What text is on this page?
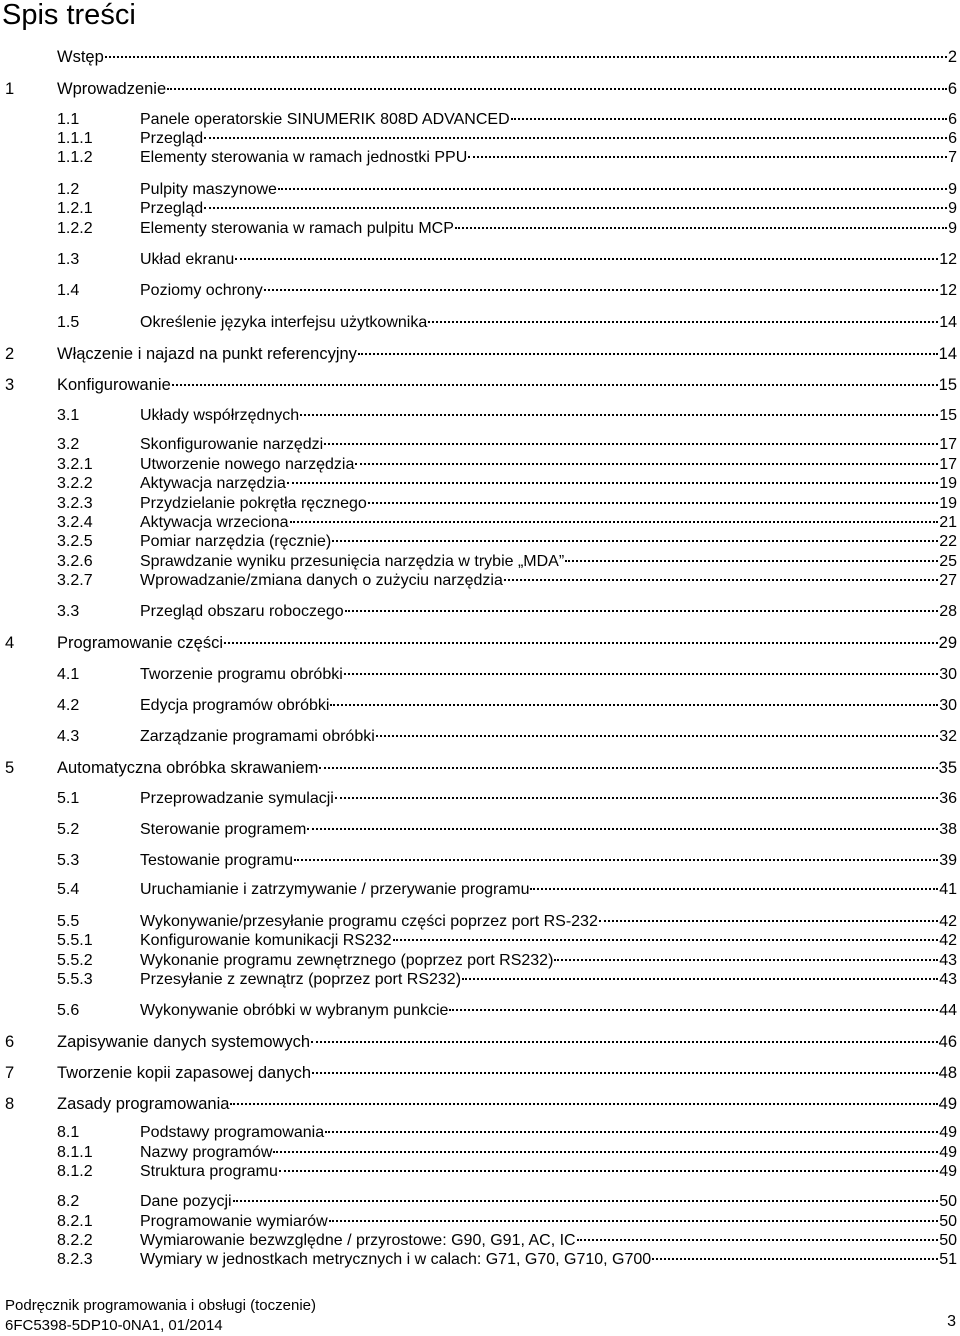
Spis treści
Wstęp	2
1	Wprowadzenie	6
1.1	Panele operatorskie SINUMERIK 808D ADVANCED	6
1.1.1	Przegląd	6
1.1.2	Elementy sterowania w ramach jednostki PPU	7
1.2	Pulpity maszynowe	9
1.2.1	Przegląd	9
1.2.2	Elementy sterowania w ramach pulpitu MCP	9
1.3	Układ ekranu	12
1.4	Poziomy ochrony	12
1.5	Określenie języka interfejsu użytkownika	14
2	Włączenie i najazd na punkt referencyjny	14
3	Konfigurowanie	15
3.1	Układy współrzędnych	15
3.2	Skonfigurowanie narzędzi	17
3.2.1	Utworzenie nowego narzędzia	17
3.2.2	Aktywacja narzędzia	19
3.2.3	Przydzielanie pokrętła ręcznego	19
3.2.4	Aktywacja wrzeciona	21
3.2.5	Pomiar narzędzia (ręcznie)	22
3.2.6	Sprawdzanie wyniku przesunięcia narzędzia w trybie „MDA”	25
3.2.7	Wprowadzanie/zmiana danych o zużyciu narzędzia	27
3.3	Przegląd obszaru roboczego	28
4	Programowanie części	29
4.1	Tworzenie programu obróbki	30
4.2	Edycja programów obróbki	30
4.3	Zarządzanie programami obróbki	32
5	Automatyczna obróbka skrawaniem	35
5.1	Przeprowadzanie symulacji	36
5.2	Sterowanie programem	38
5.3	Testowanie programu	39
5.4	Uruchamianie i zatrzymywanie / przerywanie programu	41
5.5	Wykonywanie/przesyłanie programu części poprzez port RS-232	42
5.5.1	Konfigurowanie komunikacji RS232	42
5.5.2	Wykonanie programu zewnętrznego (poprzez port RS232)	43
5.5.3	Przesyłanie z zewnątrz (poprzez port RS232)	43
5.6	Wykonywanie obróbki w wybranym punkcie	44
6	Zapisywanie danych systemowych	46
7	Tworzenie kopii zapasowej danych	48
8	Zasady programowania	49
8.1	Podstawy programowania	49
8.1.1	Nazwy programów	49
8.1.2	Struktura programu	49
8.2	Dane pozycji	50
8.2.1	Programowanie wymiarów	50
8.2.2	Wymiarowanie bezwzględne / przyrostowe: G90, G91, AC, IC	50
8.2.3	Wymiary w jednostkach metrycznych i w calach: G71, G70, G710, G700	51
Podręcznik programowania i obsługi (toczenie)
6FC5398-5DP10-0NA1, 01/2014	3
